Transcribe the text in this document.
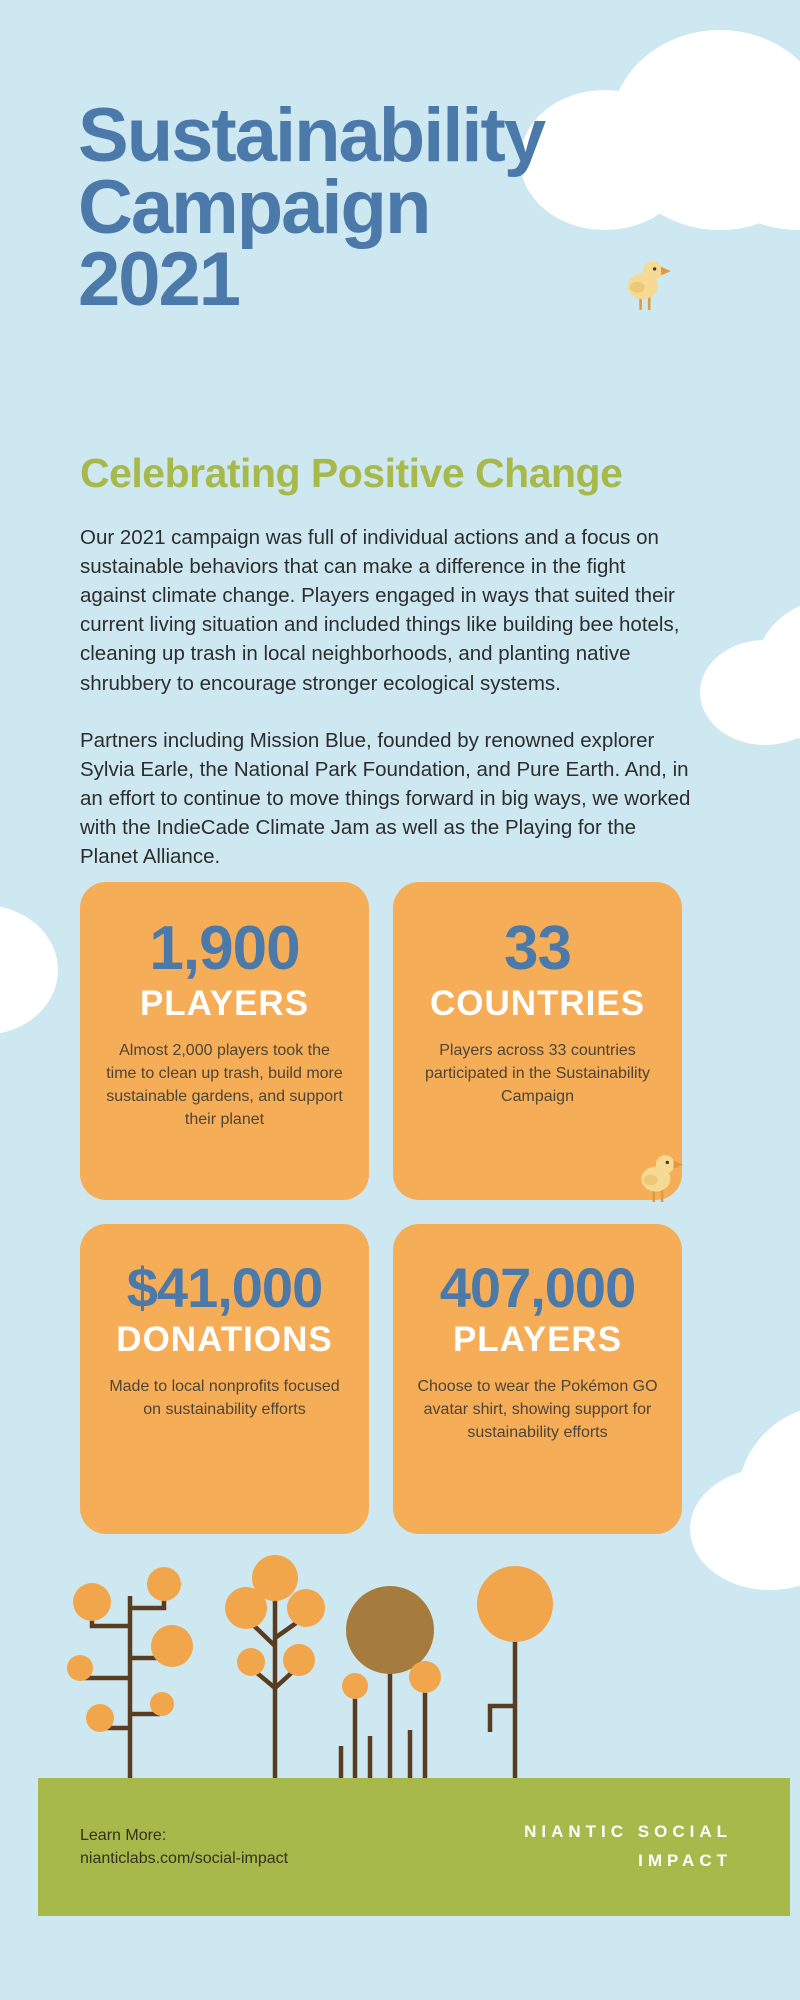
Sustainability
Campaign
2021
Celebrating Positive Change

Our 2021 campaign was full of individual actions and a focus on sustainable behaviors that can make a difference in the fight against climate change. Players engaged in ways that suited their current living situation and included things like building bee hotels, cleaning up trash in local neighborhoods, and planting native shrubbery to encourage stronger ecological systems.

Partners including Mission Blue, founded by renowned explorer Sylvia Earle, the National Park Foundation, and Pure Earth. And, in an effort to continue to move things forward in big ways, we worked with the IndieCade Climate Jam as well as the Playing for the Planet Alliance.

1,900
PLAYERS

Almost 2,000 players took the time to clean up trash, build more sustainable gardens, and support their planet

33
COUNTRIES

Players across 33 countries participated in the Sustainability Campaign

$41,000
DONATIONS

Made to local nonprofits focused on sustainability efforts

407,000
PLAYERS

Choose to wear the Pokémon GO avatar shirt, showing support for sustainability efforts

Learn More:
nianticlabs.com/social-impact
NIANTIC SOCIAL
IMPACT
